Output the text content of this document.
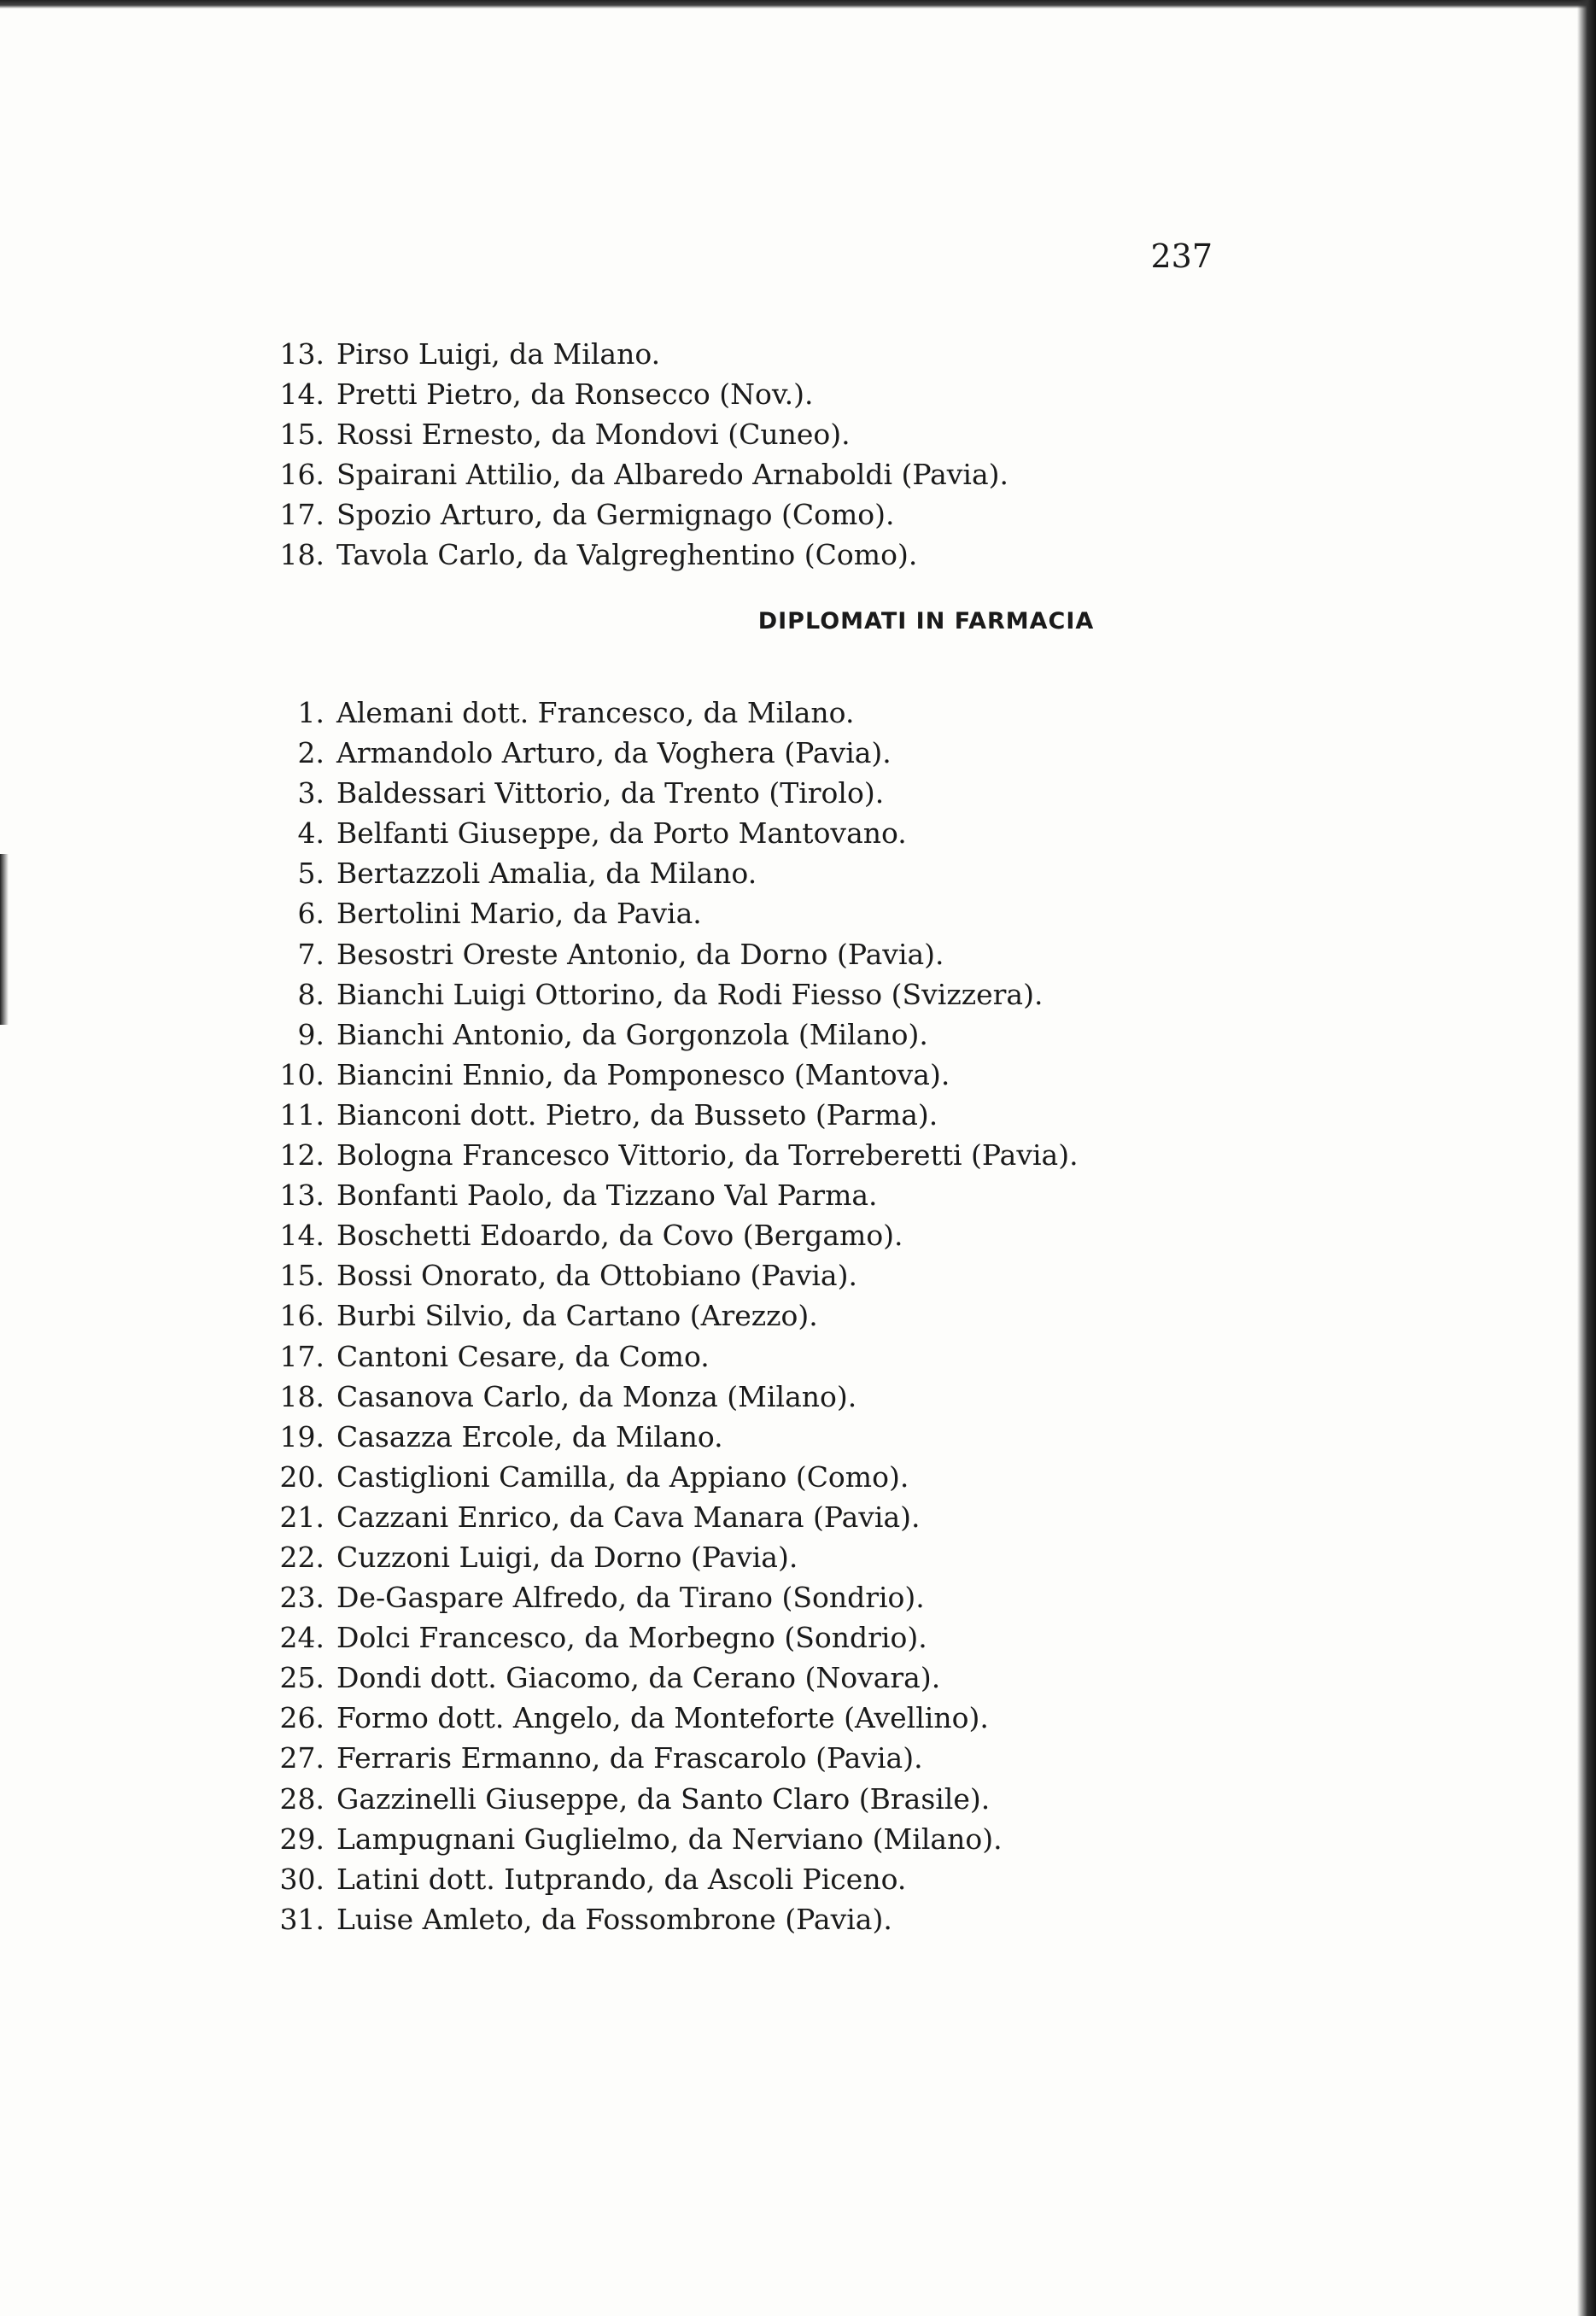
237

13. Pirso Luigi, da Milano.
14. Pretti Pietro, da Ronsecco (Nov.).
15. Rossi Ernesto, da Mondovi (Cuneo).
16. Spairani Attilio, da Albaredo Arnaboldi (Pavia).
17. Spozio Arturo, da Germignago (Como).
18. Tavola Carlo, da Valgreghentino (Como).
DIPLOMATI IN FARMACIA
1. Alemani dott. Francesco, da Milano.
2. Armandolo Arturo, da Voghera (Pavia).
3. Baldessari Vittorio, da Trento (Tirolo).
4. Belfanti Giuseppe, da Porto Mantovano.
5. Bertazzoli Amalia, da Milano.
6. Bertolini Mario, da Pavia.
7. Besostri Oreste Antonio, da Dorno (Pavia).
8. Bianchi Luigi Ottorino, da Rodi Fiesso (Svizzera).
9. Bianchi Antonio, da Gorgonzola (Milano).
10. Biancini Ennio, da Pomponesco (Mantova).
11. Bianconi dott. Pietro, da Busseto (Parma).
12. Bologna Francesco Vittorio, da Torreberetti (Pavia).
13. Bonfanti Paolo, da Tizzano Val Parma.
14. Boschetti Edoardo, da Covo (Bergamo).
15. Bossi Onorato, da Ottobiano (Pavia).
16. Burbi Silvio, da Cartano (Arezzo).
17. Cantoni Cesare, da Como.
18. Casanova Carlo, da Monza (Milano).
19. Casazza Ercole, da Milano.
20. Castiglioni Camilla, da Appiano (Como).
21. Cazzani Enrico, da Cava Manara (Pavia).
22. Cuzzoni Luigi, da Dorno (Pavia).
23. De-Gaspare Alfredo, da Tirano (Sondrio).
24. Dolci Francesco, da Morbegno (Sondrio).
25. Dondi dott. Giacomo, da Cerano (Novara).
26. Formo dott. Angelo, da Monteforte (Avellino).
27. Ferraris Ermanno, da Frascarolo (Pavia).
28. Gazzinelli Giuseppe, da Santo Claro (Brasile).
29. Lampugnani Guglielmo, da Nerviano (Milano).
30. Latini dott. Iutprando, da Ascoli Piceno.
31. Luise Amleto, da Fossombrone (Pavia).
